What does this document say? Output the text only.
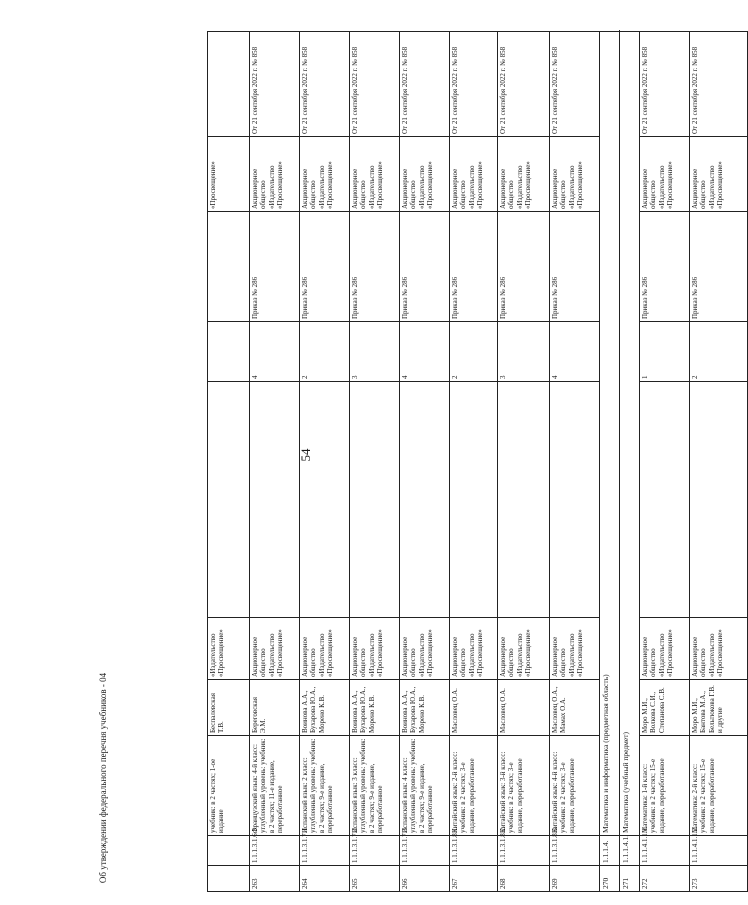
54
		учебник: в 2 частях; 1-ое издание	Беспалевская Т.В.	«Издательство «Просвещение»				«Просвещение»		
263	1.1.1.3.1.6.3.	Французский язык: 4-й класс: углубленный уровень: учебник: в 2 частях; 11-е издание, переработанное	Береговская Э.М.	Акционерное общество «Издательство «Просвещение»		4	Приказ № 286	Акционерное общество «Издательство «Просвещение»	От 21 сентября 2022 г. № 858	
264	1.1.1.3.1.7.1.	Испанский язык: 2 класс: углубленный уровень: учебник: в 2 частях; 9-е издание, переработанное	Воинова А.А., Бухарова Ю.А., Морено К.В.	Акционерное общество «Издательство «Просвещение»		2	Приказ № 286	Акционерное общество «Издательство «Просвещение»	От 21 сентября 2022 г. № 858	
265	1.1.1.3.1.7.2.	Испанский язык: 3 класс: углубленный уровень: учебник: в 2 частях; 9-е издание, переработанное	Воинова А.А., Бухарова Ю.А., Морено К.В.	Акционерное общество «Издательство «Просвещение»		3	Приказ № 286	Акционерное общество «Издательство «Просвещение»	От 21 сентября 2022 г. № 858	
266	1.1.1.3.1.7.3.	Испанский язык: 4 класс: углубленный уровень: учебник: в 2 частях; 9-е издание, переработанное	Воинова А.А., Бухарова Ю.А., Морено К.В.	Акционерное общество «Издательство «Просвещение»		4	Приказ № 286	Акционерное общество «Издательство «Просвещение»	От 21 сентября 2022 г. № 858	
267	1.1.1.3.1.8.1.	Китайский язык: 2-й класс: учебник: в 2 частях; 3-е издание, переработанное	Масловец О.А.	Акционерное общество «Издательство «Просвещение»		2	Приказ № 286	Акционерное общество «Издательство «Просвещение»	От 21 сентября 2022 г. № 858	
268	1.1.1.3.1.8.2.	Китайский язык: 3-й класс: учебник: в 2 частях; 3-е издание, переработанное	Масловец О.А.	Акционерное общество «Издательство «Просвещение»		3	Приказ № 286	Акционерное общество «Издательство «Просвещение»	От 21 сентября 2022 г. № 858	
269	1.1.1.3.1.8.3.	Китайский язык: 4-й класс: учебник: в 2 частях; 3-е издание, переработанное	Масловец О.А., Мамах О.А.	Акционерное общество «Издательство «Просвещение»		4	Приказ № 286	Акционерное общество «Издательство «Просвещение»	От 21 сентября 2022 г. № 858	
270	1.1.1.4.	Математика и информатика (предметная область)								
271	1.1.1.4.1.	Математика (учебный предмет)								
272	1.1.1.4.1.1.1.	Математика: 1-й класс: учебник: в 2 частях; 15-е издание, переработанное	Моро М.И., Волкова С.И., Степанова С.В.	Акционерное общество «Издательство «Просвещение»		1	Приказ № 286	Акционерное общество «Издательство «Просвещение»	От 21 сентября 2022 г. № 858	
273	1.1.1.4.1.1.2.	Математика: 2-й класс: учебник: в 2 частях; 15-е издание, переработанное	Моро М.И., Бантова М.А., Бельтюкова Г.В. и другие	Акционерное общество «Издательство «Просвещение»		2	Приказ № 286	Акционерное общество «Издательство «Просвещение»	От 21 сентября 2022 г. № 858	
Об утверждении федерального перечня учебников - 04
